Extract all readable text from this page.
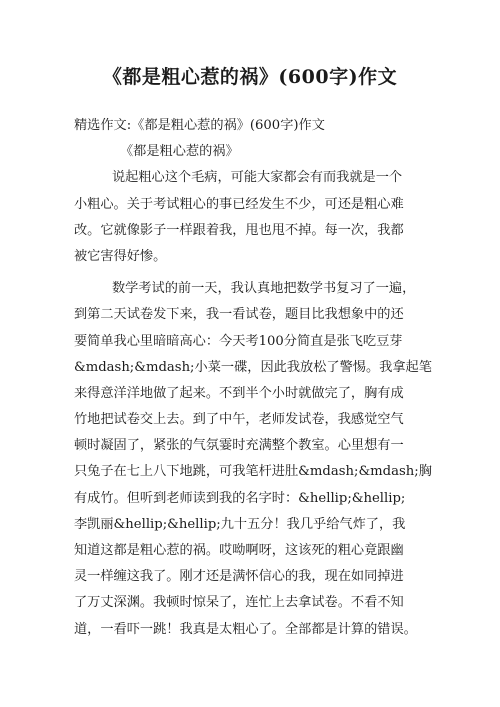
《都是粗心惹的祸》(600字)作文
精选作文:《都是粗心惹的祸》(600字)作文
《都是粗心惹的祸》
说起粗心这个毛病，可能大家都会有而我就是一个
小粗心。关于考试粗心的事已经发生不少，可还是粗心难
改。它就像影子一样跟着我，甩也甩不掉。每一次，我都
被它害得好惨。
数学考试的前一天，我认真地把数学书复习了一遍，
到第二天试卷发下来，我一看试卷，题目比我想象中的还
要简单我心里暗暗高心：今天考100分简直是张飞吃豆芽
&mdash;&mdash;小菜一碟，因此我放松了警惕。我拿起笔
来得意洋洋地做了起来。不到半个小时就做完了，胸有成
竹地把试卷交上去。到了中午，老师发试卷，我感觉空气
顿时凝固了，紧张的气氛霎时充满整个教室。心里想有一
只兔子在七上八下地跳，可我笔杆进肚&mdash;&mdash;胸
有成竹。但听到老师读到我的名字时：&hellip;&hellip;
李凯丽&hellip;&hellip;九十五分！我几乎给气炸了，我
知道这都是粗心惹的祸。哎呦啊呀，这该死的粗心竟跟幽
灵一样缠这我了。刚才还是满怀信心的我，现在如同掉进
了万丈深渊。我顿时惊呆了，连忙上去拿试卷。不看不知
道，一看吓一跳！我真是太粗心了。全部都是计算的错误。
